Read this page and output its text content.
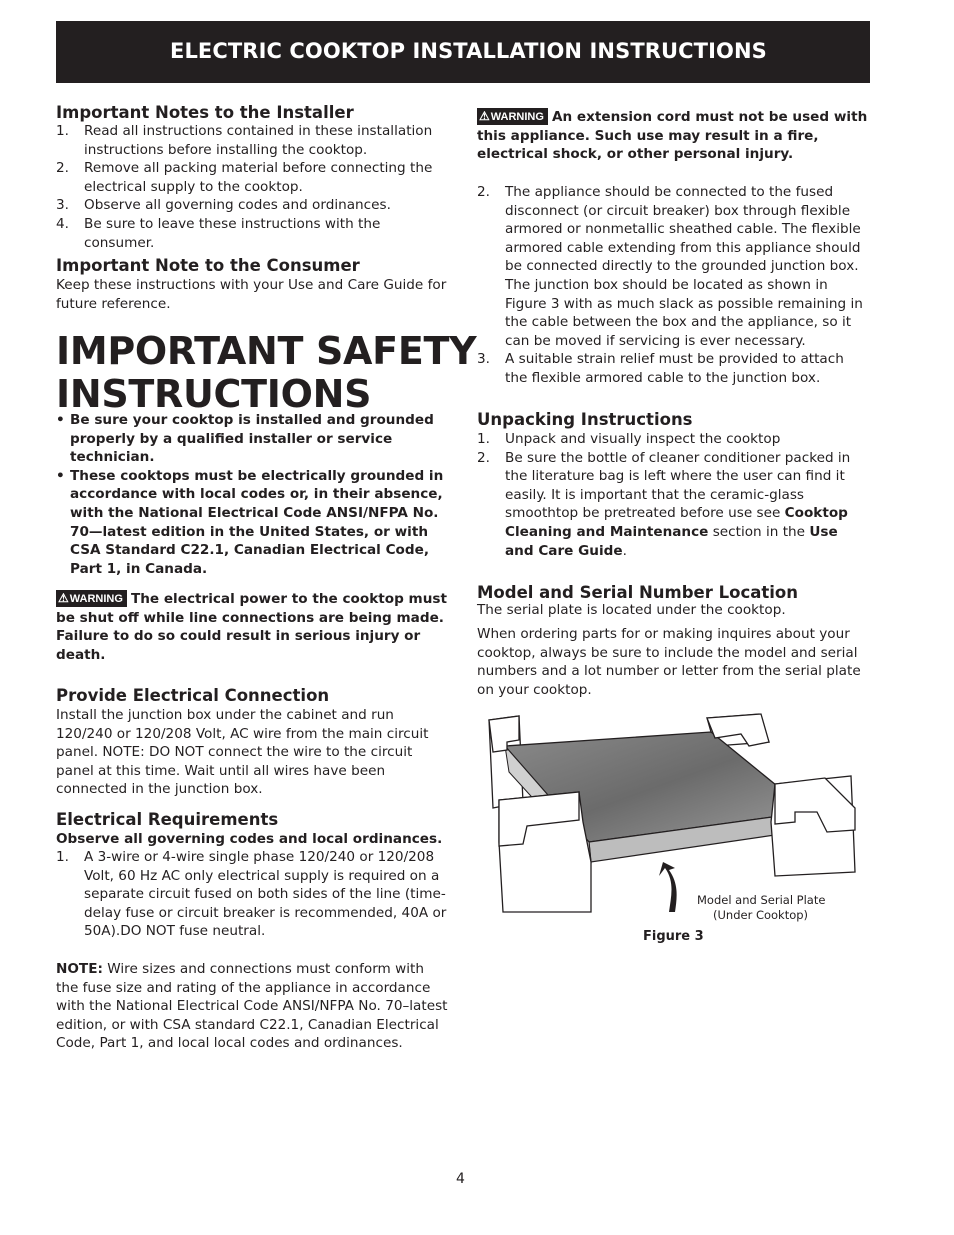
ELECTRIC COOKTOP INSTALLATION INSTRUCTIONS
Important Notes to the Installer
1. Read all instructions contained in these installation instructions before installing the cooktop.
2. Remove all packing material before connecting the electrical supply to the cooktop.
3. Observe all governing codes and ordinances.
4. Be sure to leave these instructions with the consumer.
Important Note to the Consumer
Keep these instructions with your Use and Care Guide for future reference.
IMPORTANT SAFETY
INSTRUCTIONS
• Be sure your cooktop is installed and grounded properly by a qualified installer or service technician.
• These cooktops must be electrically grounded in accordance with local codes or, in their absence, with the National Electrical Code ANSI/NFPA No. 70—latest edition in the United States, or with CSA Standard C22.1, Canadian Electrical Code, Part 1, in Canada.
⚠WARNING The electrical power to the cooktop must be shut off while line connections are being made. Failure to do so could result in serious injury or death.
Provide Electrical Connection
Install the junction box under the cabinet and run 120/240 or 120/208 Volt, AC wire from the main circuit panel. NOTE: DO NOT connect the wire to the circuit panel at this time. Wait until all wires have been connected in the junction box.
Electrical Requirements
Observe all governing codes and local ordinances.
1. A 3-wire or 4-wire single phase 120/240 or 120/208 Volt, 60 Hz AC only electrical supply is required on a separate circuit fused on both sides of the line (time-delay fuse or circuit breaker is recommended, 40A or 50A).DO NOT fuse neutral.
NOTE: Wire sizes and connections must conform with the fuse size and rating of the appliance in accordance with the National Electrical Code ANSI/NFPA No. 70–latest edition, or with CSA standard C22.1, Canadian Electrical Code, Part 1, and local local codes and ordinances.
⚠WARNING An extension cord must not be used with this appliance. Such use may result in a fire, electrical shock, or other personal injury.
2. The appliance should be connected to the fused disconnect (or circuit breaker) box through flexible armored or nonmetallic sheathed cable. The flexible armored cable extending from this appliance should be connected directly to the grounded junction box. The junction box should be located as shown in Figure 3 with as much slack as possible remaining in the cable between the box and the appliance, so it can be moved if servicing is ever necessary.
3. A suitable strain relief must be provided to attach the flexible armored cable to the junction box.
Unpacking Instructions
1. Unpack and visually inspect the cooktop
2. Be sure the bottle of cleaner conditioner packed in the literature bag is left where the user can find it easily. It is important that the ceramic-glass smoothtop be pretreated before use see Cooktop Cleaning and Maintenance section in the Use and Care Guide.
Model and Serial Number Location
The serial plate is located under the cooktop.
When ordering parts for or making inquires about your cooktop, always be sure to include the model and serial numbers and a lot number or letter from the serial plate on your cooktop.
Model and Serial Plate
(Under Cooktop)
Figure 3
4
